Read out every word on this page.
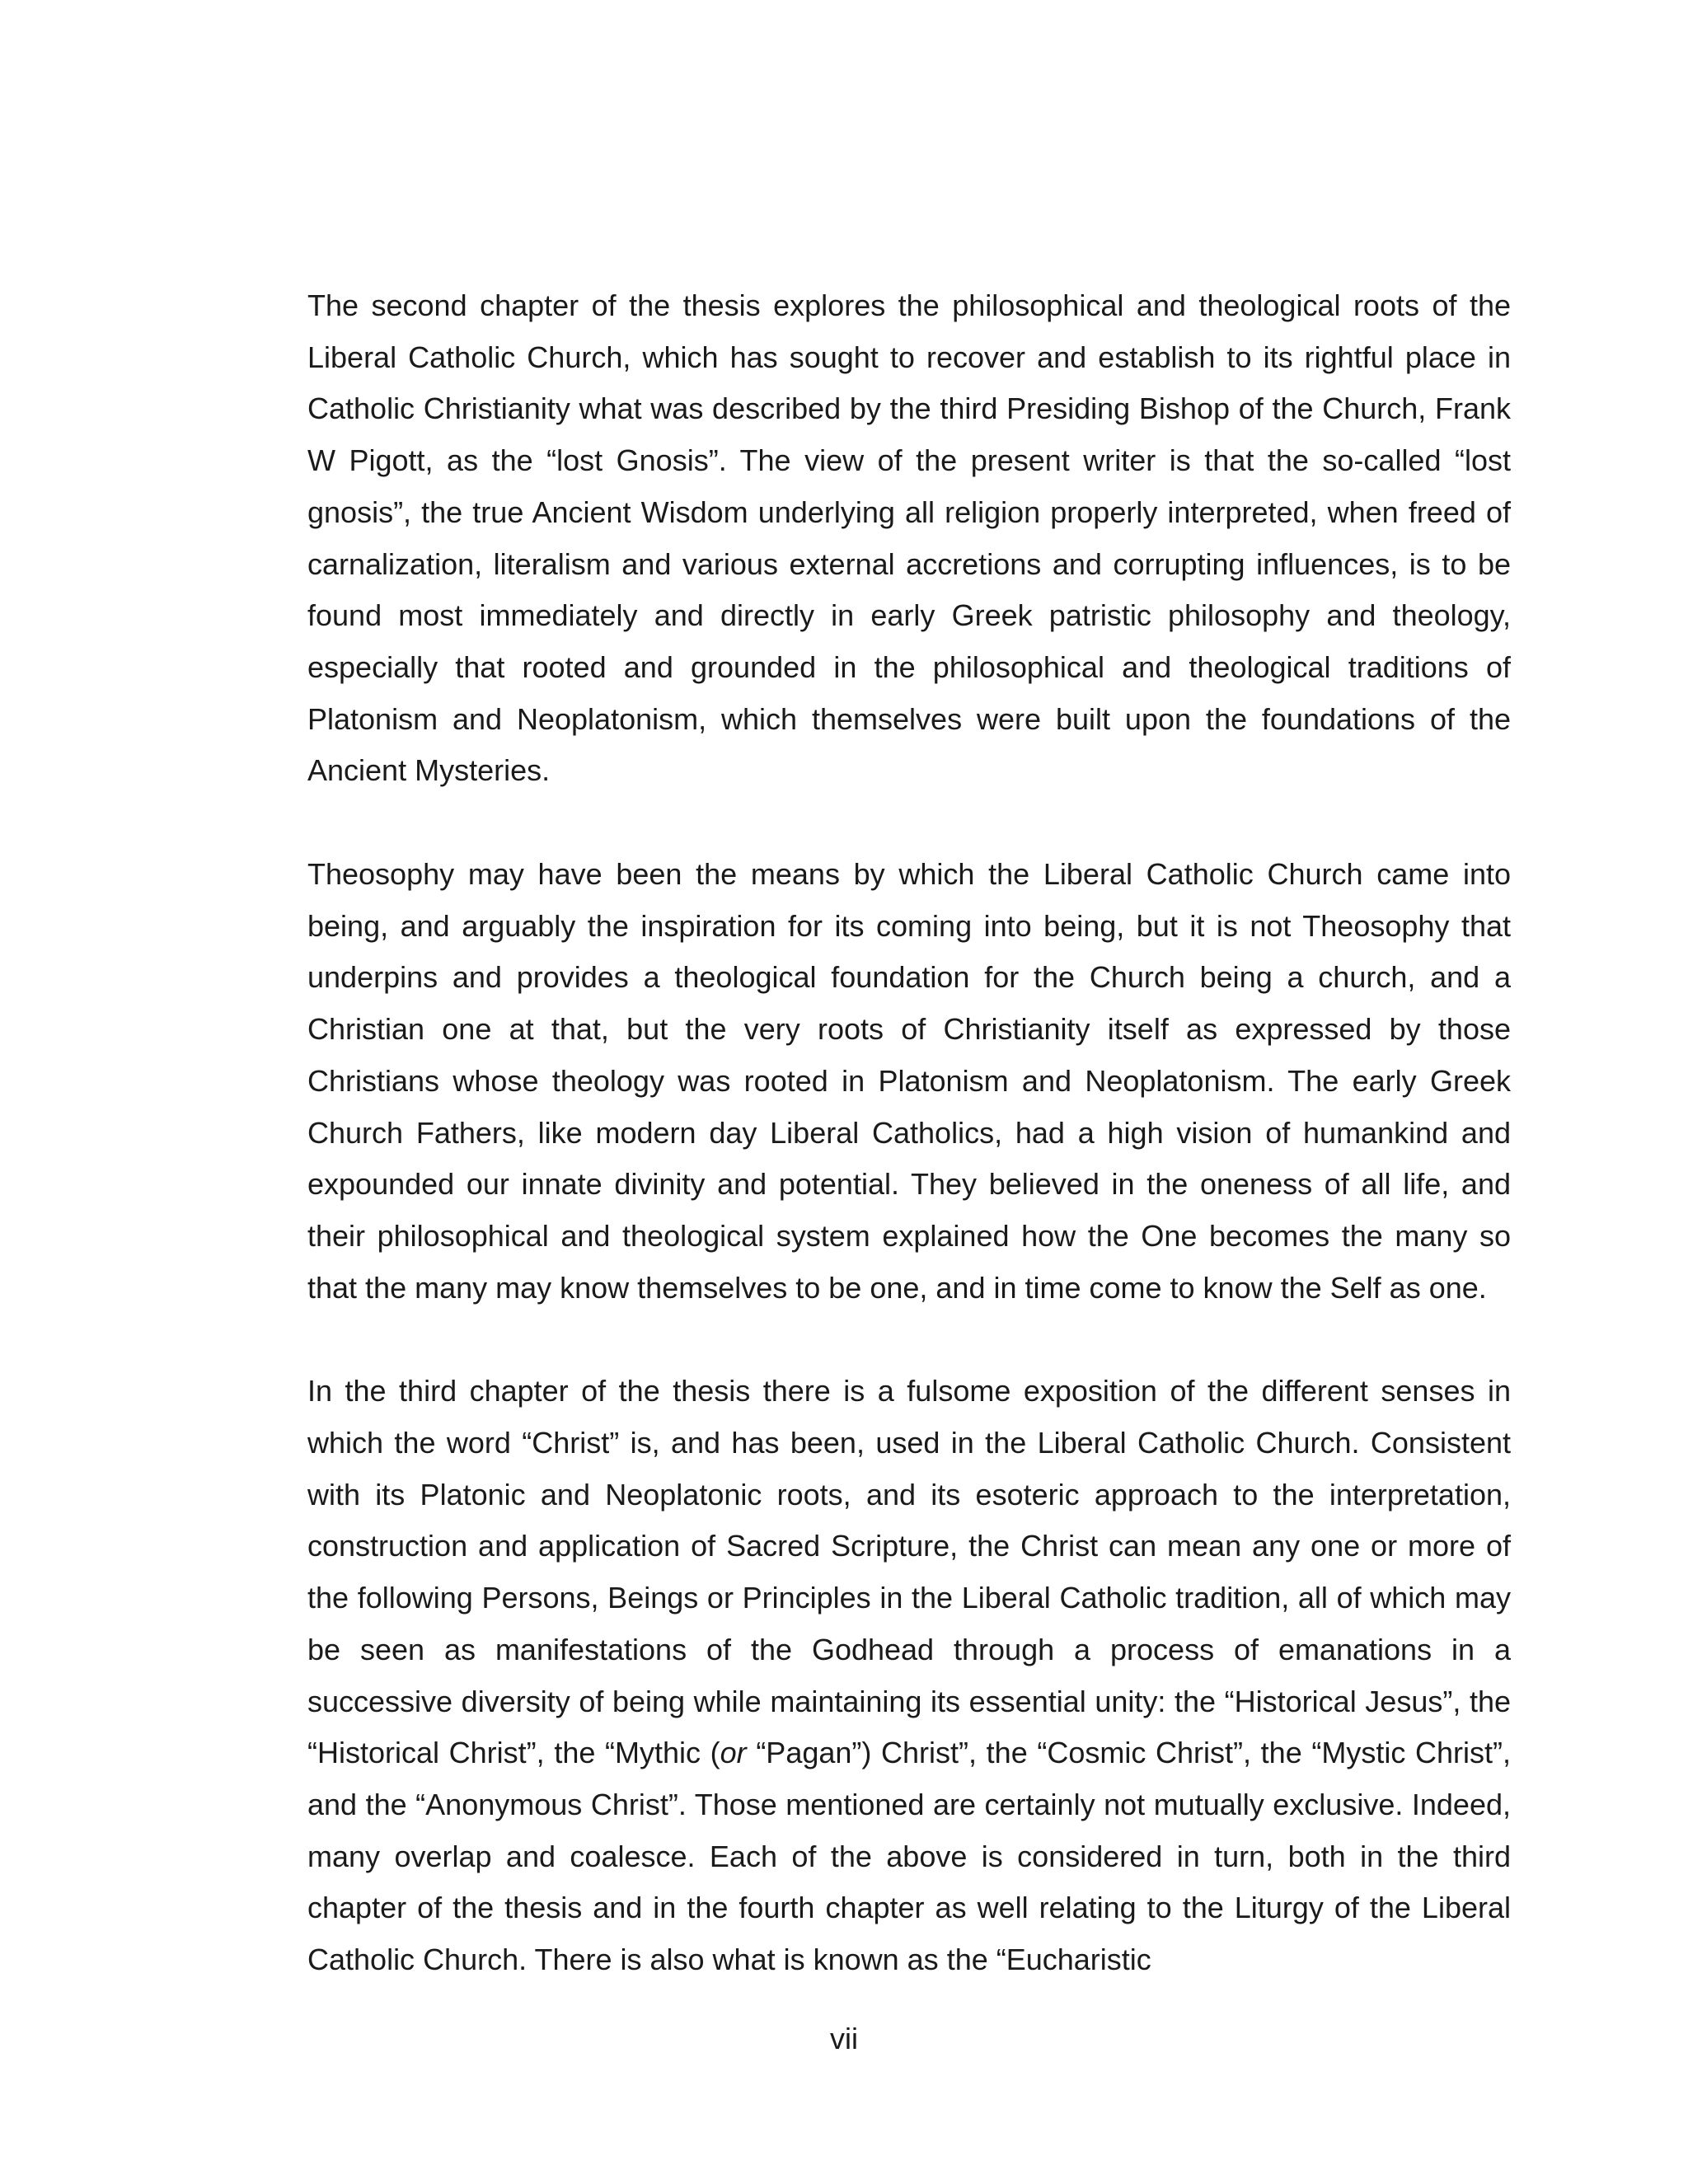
The second chapter of the thesis explores the philosophical and theological roots of the Liberal Catholic Church, which has sought to recover and establish to its rightful place in Catholic Christianity what was described by the third Presiding Bishop of the Church, Frank W Pigott, as the “lost Gnosis”. The view of the present writer is that the so-called “lost gnosis”, the true Ancient Wisdom underlying all religion properly interpreted, when freed of carnalization, literalism and various external accretions and corrupting influences, is to be found most immediately and directly in early Greek patristic philosophy and theology, especially that rooted and grounded in the philosophical and theological traditions of Platonism and Neoplatonism, which themselves were built upon the foundations of the Ancient Mysteries.

Theosophy may have been the means by which the Liberal Catholic Church came into being, and arguably the inspiration for its coming into being, but it is not Theosophy that underpins and provides a theological foundation for the Church being a church, and a Christian one at that, but the very roots of Christianity itself as expressed by those Christians whose theology was rooted in Platonism and Neoplatonism. The early Greek Church Fathers, like modern day Liberal Catholics, had a high vision of humankind and expounded our innate divinity and potential. They believed in the oneness of all life, and their philosophical and theological system explained how the One becomes the many so that the many may know themselves to be one, and in time come to know the Self as one.

In the third chapter of the thesis there is a fulsome exposition of the different senses in which the word “Christ” is, and has been, used in the Liberal Catholic Church. Consistent with its Platonic and Neoplatonic roots, and its esoteric approach to the interpretation, construction and application of Sacred Scripture, the Christ can mean any one or more of the following Persons, Beings or Principles in the Liberal Catholic tradition, all of which may be seen as manifestations of the Godhead through a process of emanations in a successive diversity of being while maintaining its essential unity: the “Historical Jesus”, the “Historical Christ”, the “Mythic (or “Pagan”) Christ”, the “Cosmic Christ”, the “Mystic Christ”, and the “Anonymous Christ”. Those mentioned are certainly not mutually exclusive. Indeed, many overlap and coalesce. Each of the above is considered in turn, both in the third chapter of the thesis and in the fourth chapter as well relating to the Liturgy of the Liberal Catholic Church. There is also what is known as the “Eucharistic

vii
